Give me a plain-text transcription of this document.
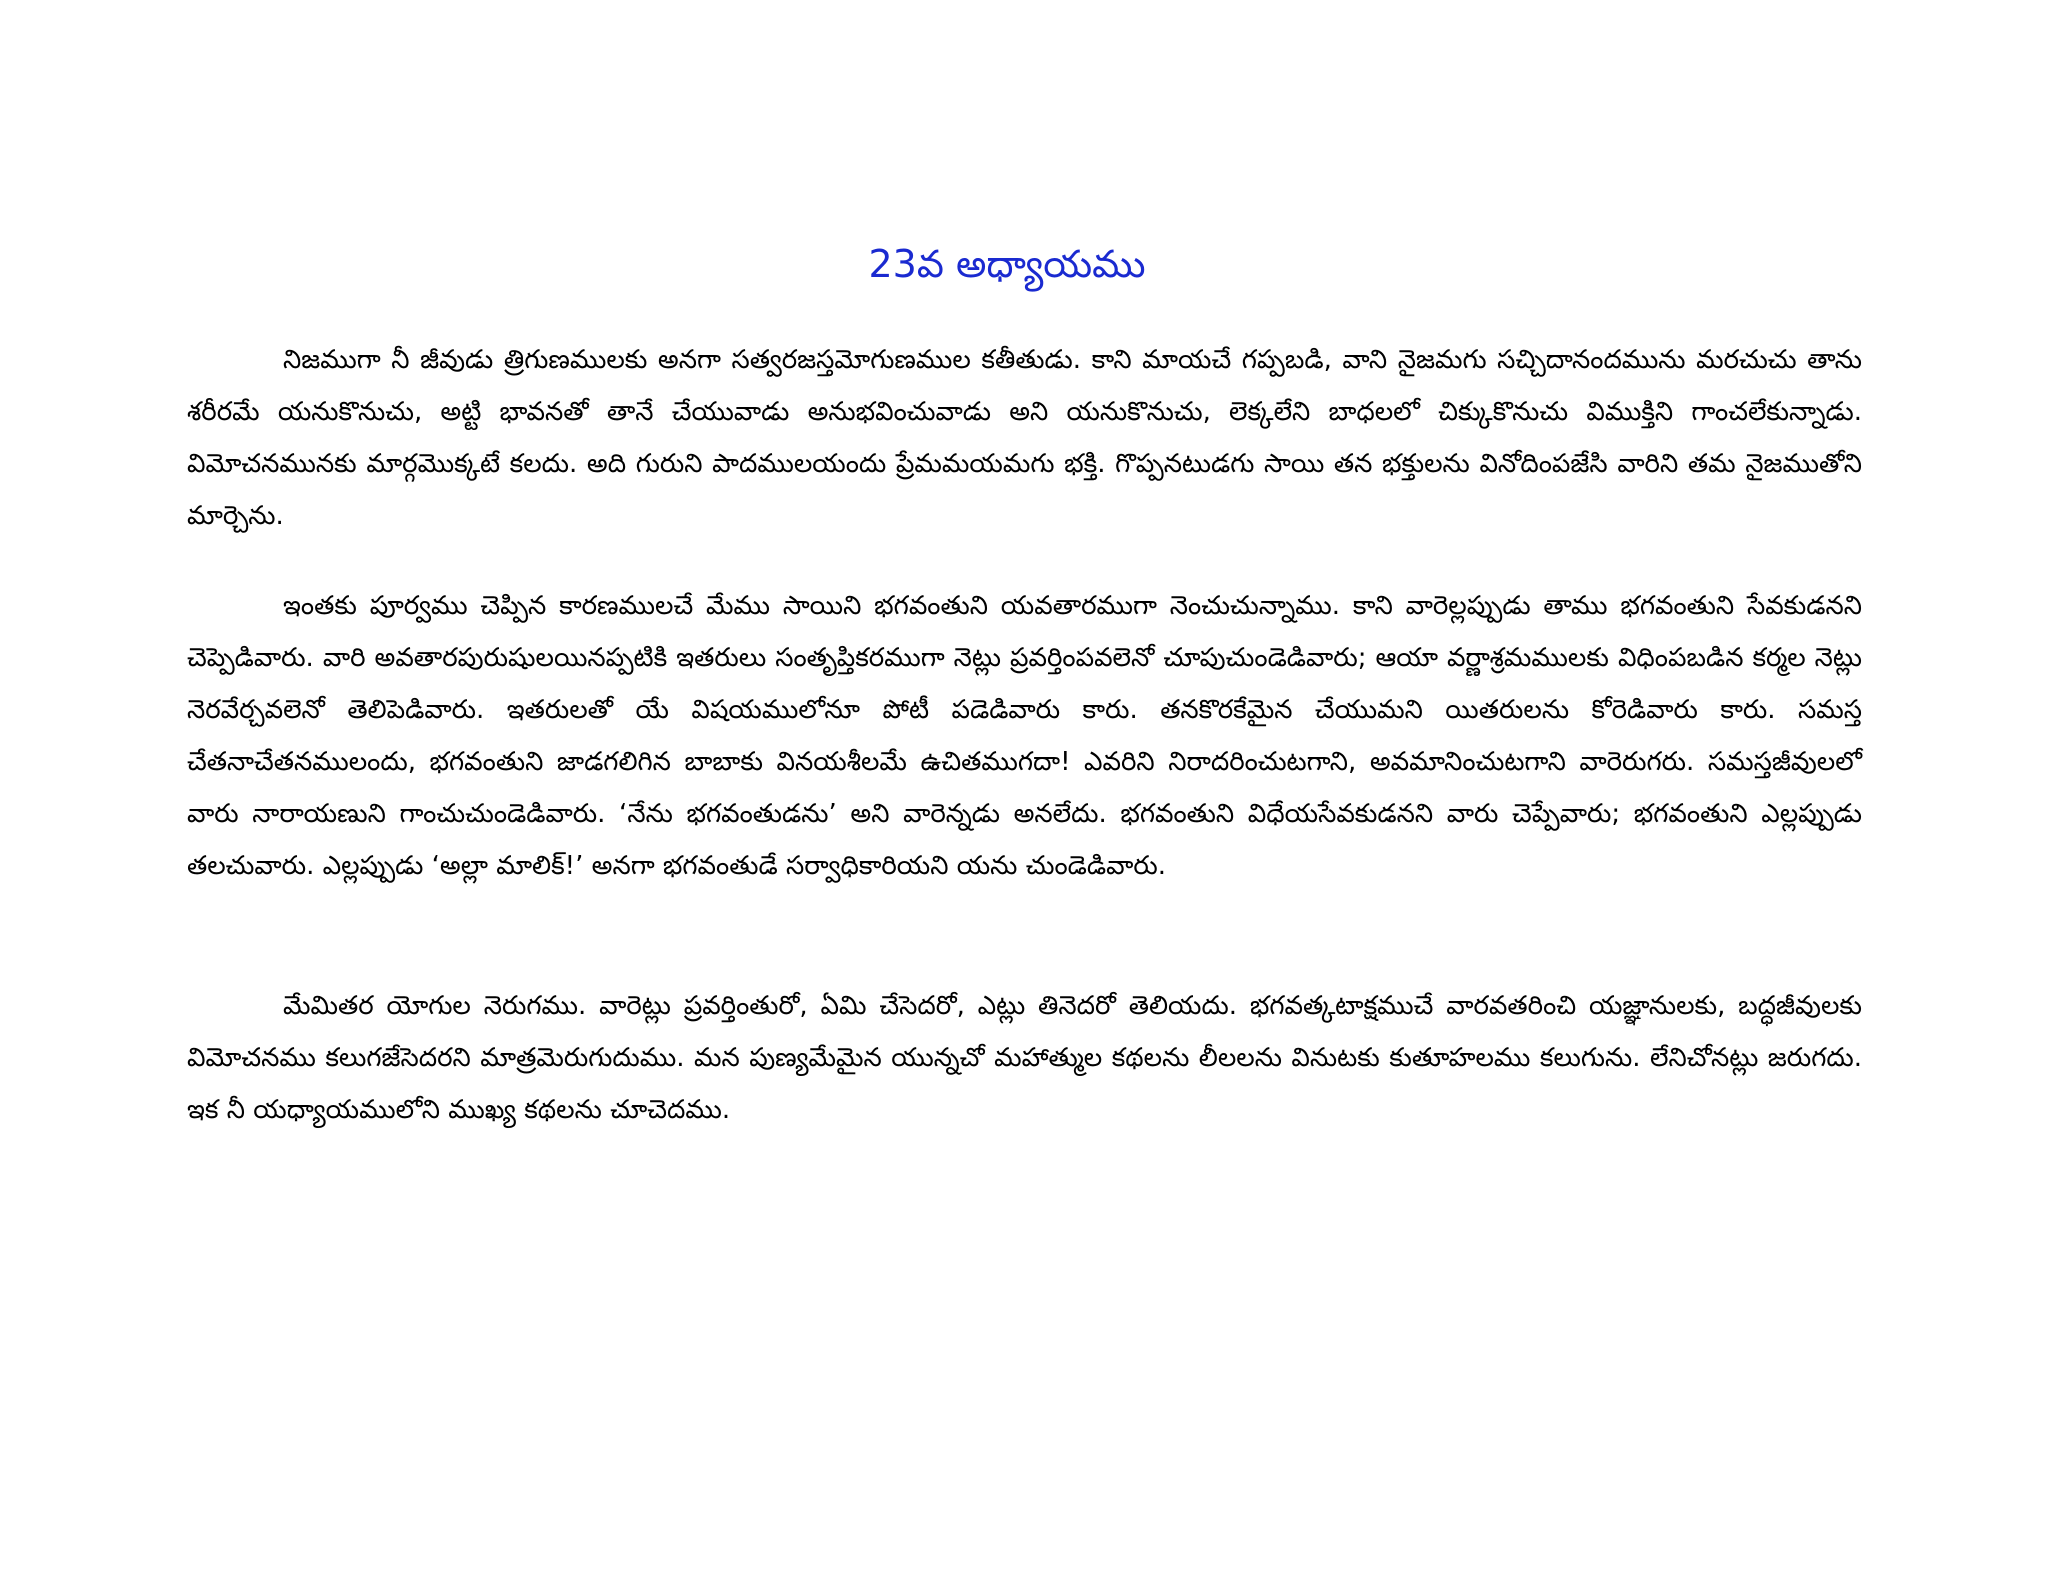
23వ అధ్యాయము

నిజముగా నీ జీవుడు త్రిగుణములకు అనగా సత్వరజస్తమోగుణముల కతీతుడు. కాని మాయచే గప్పబడి, వాని నైజమగు సచ్చిదానందమును మరచుచు తాను శరీరమే యనుకొనుచు, అట్టి భావనతో తానే చేయువాడు అనుభవించువాడు అని యనుకొనుచు, లెక్కలేని బాధలలో చిక్కుకొనుచు విముక్తిని గాంచలేకున్నాడు. విమోచనమునకు మార్గమొక్కటే కలదు. అది గురుని పాదములయందు ప్రేమమయమగు భక్తి. గొప్పనటుడగు సాయి తన భక్తులను వినోదింపజేసి వారిని తమ నైజముతోని మార్చెను.

ఇంతకు పూర్వము చెప్పిన కారణములచే మేము సాయిని భగవంతుని యవతారముగా నెంచుచున్నాము. కాని వారెల్లప్పుడు తాము భగవంతుని సేవకుడనని చెప్పెడివారు. వారి అవతారపురుషులయినప్పటికి ఇతరులు సంతృప్తికరముగా నెట్లు ప్రవర్తింపవలెనో చూపుచుండెడివారు; ఆయా వర్ణాశ్రమములకు విధింపబడిన కర్మల నెట్లు నెరవేర్చవలెనో తెలిపెడివారు. ఇతరులతో యే విషయములోనూ పోటీ పడెడివారు కారు. తనకొరకేమైన చేయుమని యితరులను కోరెడివారు కారు. సమస్త చేతనాచేతనములందు, భగవంతుని జాడగలిగిన బాబాకు వినయశీలమే ఉచితముగదా! ఎవరిని నిరాదరించుటగాని, అవమానించుటగాని వారెరుగరు. సమస్తజీవులలో వారు నారాయణుని గాంచుచుండెడివారు. ‘నేను భగవంతుడను’ అని వారెన్నడు అనలేదు. భగవంతుని విధేయసేవకుడనని వారు చెప్పేవారు; భగవంతుని ఎల్లప్పుడు తలచువారు. ఎల్లప్పుడు ‘అల్లా మాలిక్!’ అనగా భగవంతుడే సర్వాధికారియని యను చుండెడివారు.

మేమితర యోగుల నెరుగము. వారెట్లు ప్రవర్తింతురో, ఏమి చేసెదరో, ఎట్లు తినెదరో తెలియదు. భగవత్కటాక్షముచే వారవతరించి యజ్ఞానులకు, బద్ధజీవులకు విమోచనము కలుగజేసెదరని మాత్రమెరుగుదుము. మన పుణ్యమేమైన యున్నచో మహాత్ముల కథలను లీలలను వినుటకు కుతూహలము కలుగును. లేనిచోనట్లు జరుగదు. ఇక నీ యధ్యాయములోని ముఖ్య కథలను చూచెదము.
